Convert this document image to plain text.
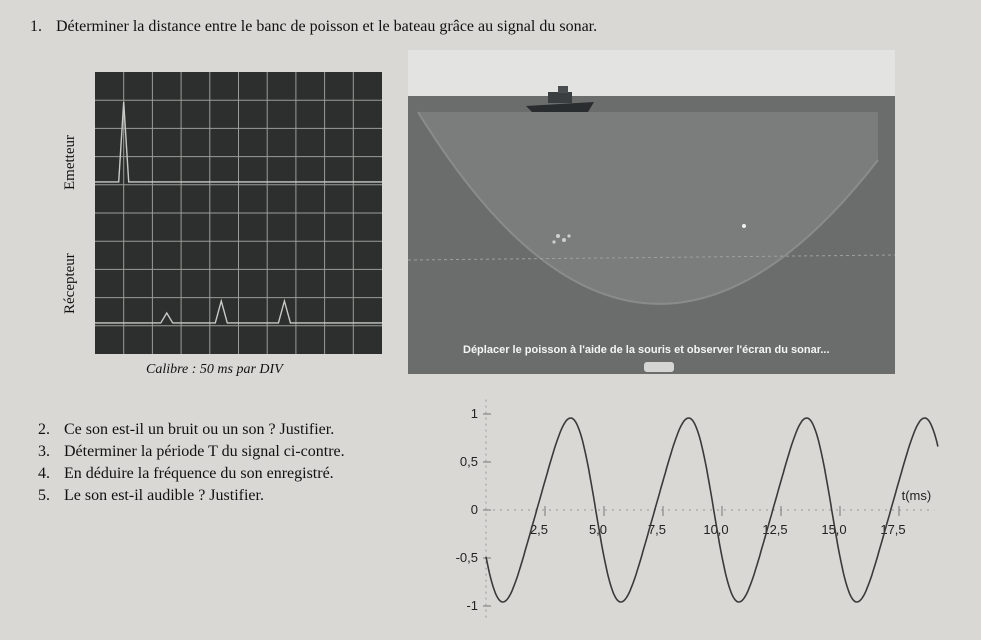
1. Déterminer la distance entre le banc de poisson et le bateau grâce au signal du sonar.
Emetteur
Récepteur
Calibre : 50 ms par DIV
Déplacer le poisson à l'aide de la souris et observer l'écran du sonar...
2. Ce son est-il un bruit ou un son ? Justifier.
3. Déterminer la période T du signal ci-contre.
4. En déduire la fréquence du son enregistré.
5. Le son est-il audible ? Justifier.
1
0,5
0
-0,5
-1
2,5	5,0	7,5	10,0	12,5	15,0	17,5
t(ms)
